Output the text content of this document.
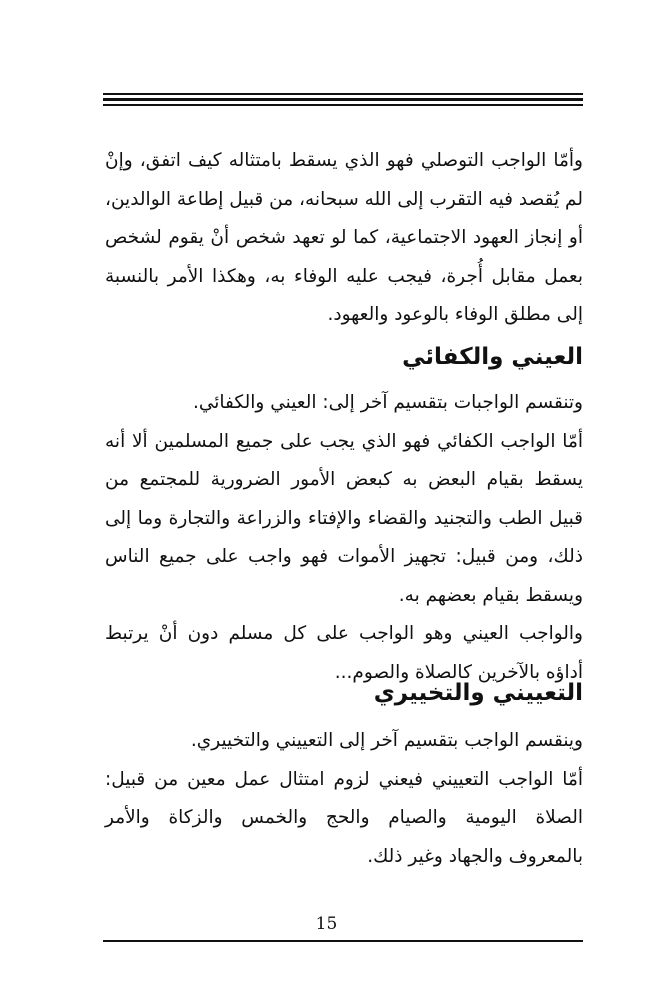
وأمّا الواجب التوصلي فهو الذي يسقط بامتثاله كيف اتفق، وإنْ لم يُقصد فيه التقرب إلى الله سبحانه، من قبيل إطاعة الوالدين، أو إنجاز العهود الاجتماعية، كما لو تعهد شخص أنْ يقوم لشخص بعمل مقابل أُجرة، فيجب عليه الوفاء به، وهكذا الأمر بالنسبة إلى مطلق الوفاء بالوعود والعهود.

العيني والكفائي

وتنقسم الواجبات بتقسيم آخر إلى: العيني والكفائي.

أمّا الواجب الكفائي فهو الذي يجب على جميع المسلمين ألا أنه يسقط بقيام البعض به كبعض الأمور الضرورية للمجتمع من قبيل الطب والتجنيد والقضاء والإفتاء والزراعة والتجارة وما إلى ذلك، ومن قبيل: تجهيز الأموات فهو واجب على جميع الناس ويسقط بقيام بعضهم به.

والواجب العيني وهو الواجب على كل مسلم دون أنْ يرتبط أداؤه بالآخرين كالصلاة والصوم...

التعييني والتخييري

وينقسم الواجب بتقسيم آخر إلى التعييني والتخييري.

أمّا الواجب التعييني فيعني لزوم امتثال عمل معين من قبيل: الصلاة اليومية والصيام والحج والخمس والزكاة والأمر بالمعروف والجهاد وغير ذلك.

15
